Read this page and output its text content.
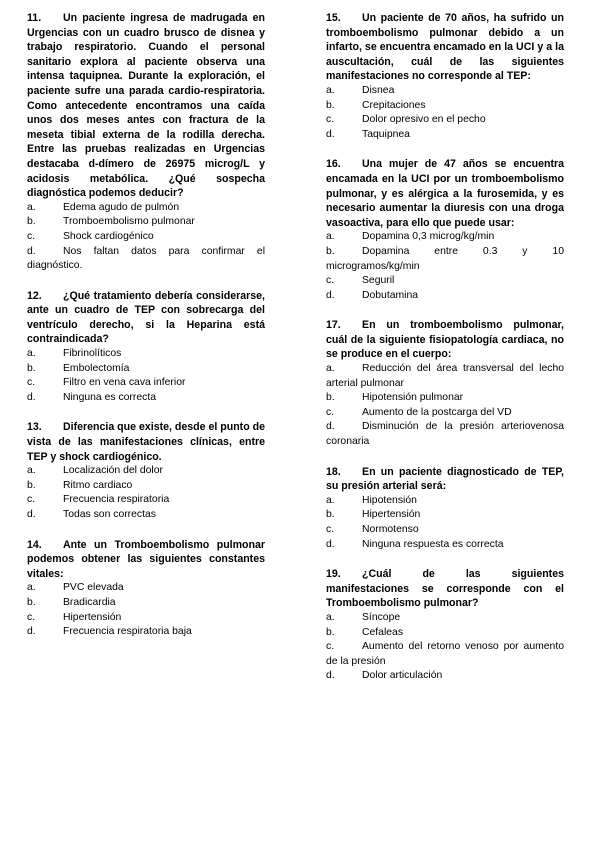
11. Un paciente ingresa de madrugada en Urgencias con un cuadro brusco de disnea y trabajo respiratorio. Cuando el personal sanitario explora al paciente observa una intensa taquipnea. Durante la exploración, el paciente sufre una parada cardio-respiratoria. Como antecedente encontramos una caída unos dos meses antes con fractura de la meseta tibial externa de la rodilla derecha. Entre las pruebas realizadas en Urgencias destacaba d-dímero de 26975 microg/L y acidosis metabólica. ¿Qué sospecha diagnóstica podemos deducir?
a.	Edema agudo de pulmón
b.	Tromboembolismo pulmonar
c.	Shock cardiogénico
d.	Nos faltan datos para confirmar el diagnóstico.
12. ¿Qué tratamiento debería considerarse, ante un cuadro de TEP con sobrecarga del ventrículo derecho, si la Heparina está contraindicada?
a.	Fibrinolíticos
b.	Embolectomía
c.	Filtro en vena cava inferior
d.	Ninguna es correcta
13. Diferencia que existe, desde el punto de vista de las manifestaciones clínicas, entre TEP y shock cardiogénico.
a.	Localización del dolor
b.	Ritmo cardiaco
c.	Frecuencia respiratoria
d.	Todas son correctas
14. Ante un Tromboembolismo pulmonar podemos obtener las siguientes constantes vitales:
a.	PVC elevada
b.	Bradicardia
c.	Hipertensión
d.	Frecuencia respiratoria baja
15. Un paciente de 70 años, ha sufrido un tromboembolismo pulmonar debido a un infarto, se encuentra encamado en la UCI y a la auscultación, cuál de las siguientes manifestaciones no corresponde al TEP:
a.	Disnea
b.	Crepitaciones
c.	Dolor opresivo en el pecho
d.	Taquipnea
16. Una mujer de 47 años se encuentra encamada en la UCI por un tromboembolismo pulmonar, y es alérgica a la furosemida, y es necesario aumentar la diuresis con una droga vasoactiva, para ello que puede usar:
a.	Dopamina 0,3 microg/kg/min
b.	Dopamina entre 0.3 y 10 microgramos/kg/min
c.	Seguril
d.	Dobutamina
17. En un tromboembolismo pulmonar, cuál de la siguiente fisiopatología cardiaca, no se produce en el cuerpo:
a.	Reducción del área transversal del lecho arterial pulmonar
b.	Hipotensión pulmonar
c.	Aumento de la postcarga del VD
d.	Disminución de la presión arteriovenosa coronaria
18. En un paciente diagnosticado de TEP, su presión arterial será:
a.	Hipotensión
b.	Hipertensión
c.	Normotenso
d.	Ninguna respuesta es correcta
19. ¿Cuál de las siguientes manifestaciones se corresponde con el Tromboembolismo pulmonar?
a.	Síncope
b.	Cefaleas
c.	Aumento del retorno venoso por aumento de la presión
d.	Dolor articulación
